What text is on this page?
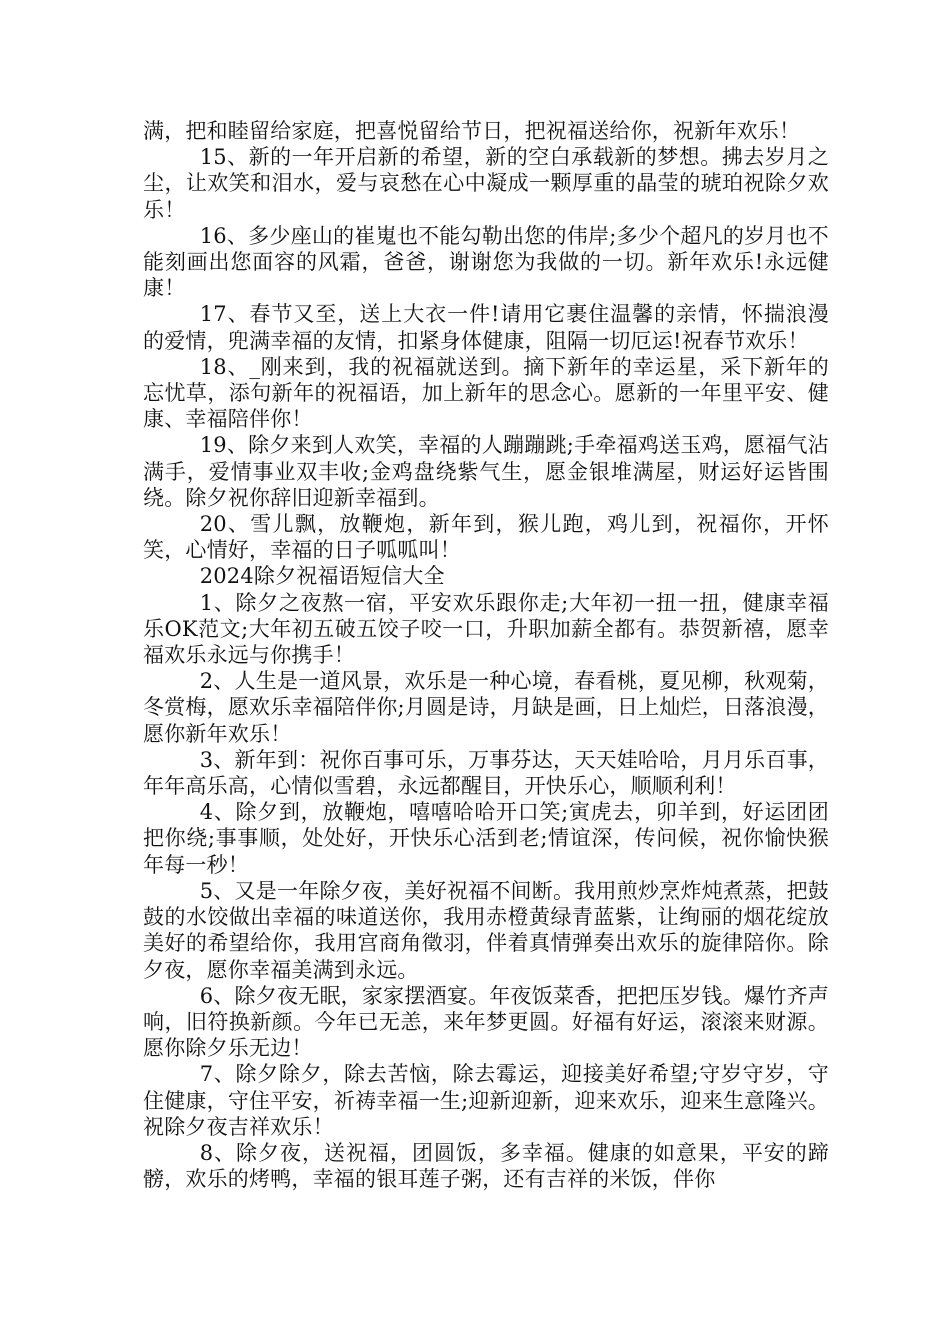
满，把和睦留给家庭，把喜悦留给节日，把祝福送给你，祝新年欢乐！

15、新的一年开启新的希望，新的空白承载新的梦想。拂去岁月之尘，让欢笑和泪水，爱与哀愁在心中凝成一颗厚重的晶莹的琥珀祝除夕欢乐！

16、多少座山的崔嵬也不能勾勒出您的伟岸;多少个超凡的岁月也不能刻画出您面容的风霜，爸爸，谢谢您为我做的一切。新年欢乐!永远健康！

17、春节又至，送上大衣一件!请用它裹住温馨的亲情，怀揣浪漫的爱情，兜满幸福的友情，扣紧身体健康，阻隔一切厄运!祝春节欢乐！

18、_刚来到，我的祝福就送到。摘下新年的幸运星，采下新年的忘忧草，添句新年的祝福语，加上新年的思念心。愿新的一年里平安、健康、幸福陪伴你！

19、除夕来到人欢笑，幸福的人蹦蹦跳;手牵福鸡送玉鸡，愿福气沾满手，爱情事业双丰收;金鸡盘绕紫气生，愿金银堆满屋，财运好运皆围绕。除夕祝你辞旧迎新幸福到。

20、雪儿飘，放鞭炮，新年到，猴儿跑，鸡儿到，祝福你，开怀笑，心情好，幸福的日子呱呱叫！

2024除夕祝福语短信大全

1、除夕之夜熬一宿，平安欢乐跟你走;大年初一扭一扭，健康幸福乐OK范文;大年初五破五饺子咬一口，升职加薪全都有。恭贺新禧，愿幸福欢乐永远与你携手！

2、人生是一道风景，欢乐是一种心境，春看桃，夏见柳，秋观菊，冬赏梅，愿欢乐幸福陪伴你;月圆是诗，月缺是画，日上灿烂，日落浪漫，愿你新年欢乐！

3、新年到：祝你百事可乐，万事芬达，天天娃哈哈，月月乐百事，年年高乐高，心情似雪碧，永远都醒目，开快乐心，顺顺利利！

4、除夕到，放鞭炮，嘻嘻哈哈开口笑;寅虎去，卯羊到，好运团团把你绕;事事顺，处处好，开快乐心活到老;情谊深，传问候，祝你愉快猴年每一秒！

5、又是一年除夕夜，美好祝福不间断。我用煎炒烹炸炖煮蒸，把鼓鼓的水饺做出幸福的味道送你，我用赤橙黄绿青蓝紫，让绚丽的烟花绽放美好的希望给你，我用宫商角徵羽，伴着真情弹奏出欢乐的旋律陪你。除夕夜，愿你幸福美满到永远。

6、除夕夜无眠，家家摆酒宴。年夜饭菜香，把把压岁钱。爆竹齐声响，旧符换新颜。今年已无恙，来年梦更圆。好福有好运，滚滚来财源。愿你除夕乐无边！

7、除夕除夕，除去苦恼，除去霉运，迎接美好希望;守岁守岁，守住健康，守住平安，祈祷幸福一生;迎新迎新，迎来欢乐，迎来生意隆兴。祝除夕夜吉祥欢乐！

8、除夕夜，送祝福，团圆饭，多幸福。健康的如意果，平安的蹄髈，欢乐的烤鸭，幸福的银耳莲子粥，还有吉祥的米饭，伴你
